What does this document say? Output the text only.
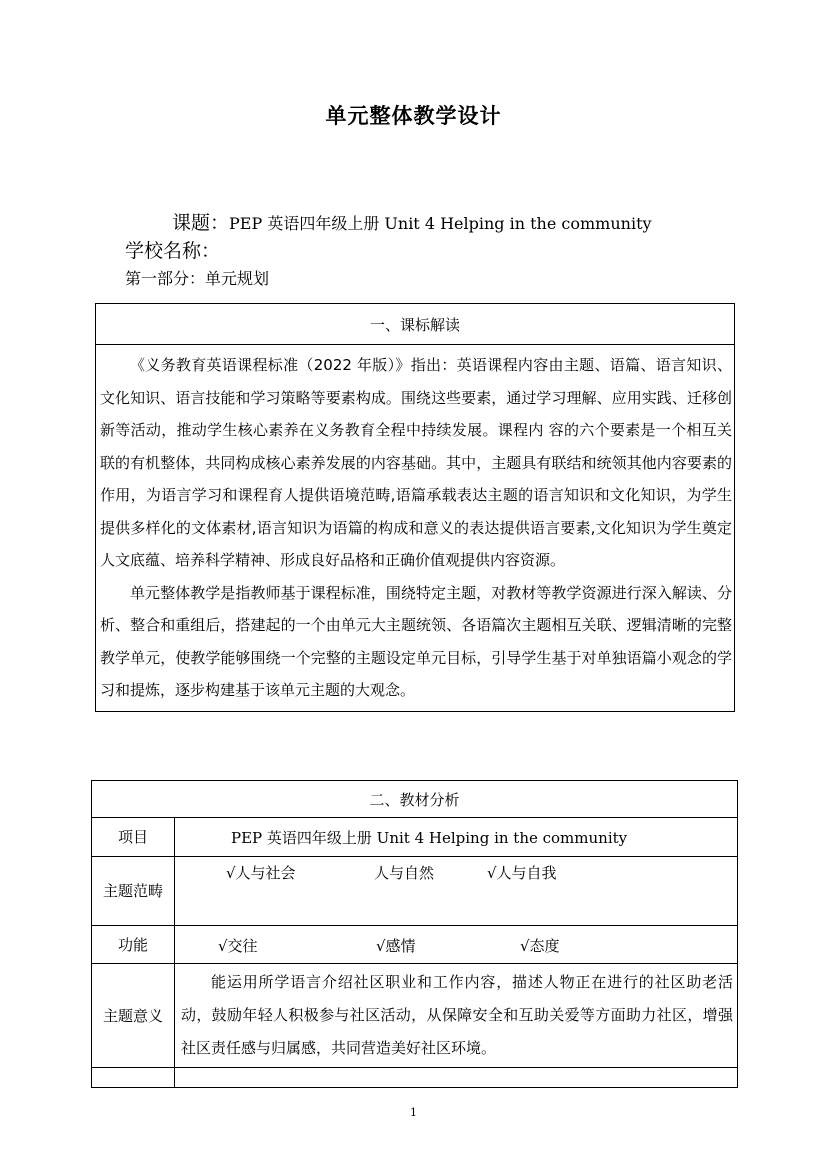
单元整体教学设计
课题：PEP 英语四年级上册 Unit 4 Helping in the community
学校名称：
第一部分：单元规划
一、课标解读

《义务教育英语课程标准（2022 年版）》指出：英语课程内容由主题、语篇、语言知识、文化知识、语言技能和学习策略等要素构成。围绕这些要素，通过学习理解、应用实践、迁移创新等活动，推动学生核心素养在义务教育全程中持续发展。课程内 容的六个要素是一个相互关联的有机整体，共同构成核心素养发展的内容基础。其中，主题具有联结和统领其他内容要素的作用，为语言学习和课程育人提供语境范畴,语篇承载表达主题的语言知识和文化知识，为学生提供多样化的文体素材,语言知识为语篇的构成和意义的表达提供语言要素,文化知识为学生奠定人文底蕴、培养科学精神、形成良好品格和正确价值观提供内容资源。

单元整体教学是指教师基于课程标准，围绕特定主题，对教材等教学资源进行深入解读、分析、整合和重组后，搭建起的一个由单元大主题统领、各语篇次主题相互关联、逻辑清晰的完整教学单元，使教学能够围绕一个完整的主题设定单元目标，引导学生基于对单独语篇小观念的学习和提炼，逐步构建基于该单元主题的大观念。

二、教材分析	
项目	PEP 英语四年级上册 Unit 4 Helping in the community
主题范畴	√人与社会 人与自然 √人与自我

功能	√交往 √感情 √态度

主题意义	能运用所学语言介绍社区职业和工作内容，描述人物正在进行的社区助老活动，鼓励年轻人积极参与社区活动，从保障安全和互助关爱等方面助力社区，增强社区责任感与归属感，共同营造美好社区环境。

1
